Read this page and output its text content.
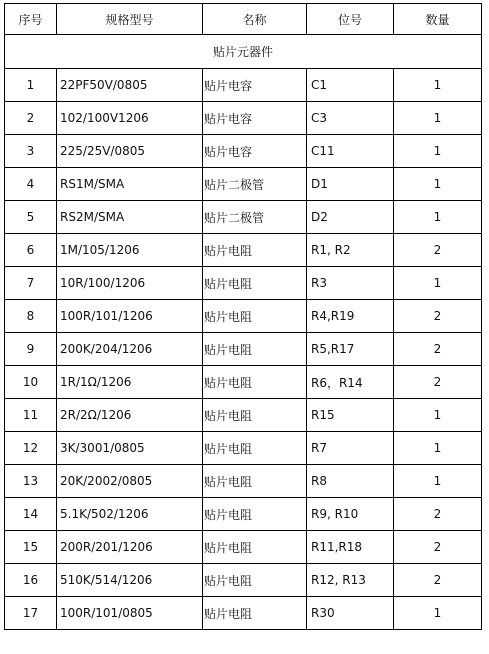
序号	规格型号	名称	位号	数量
贴片元器件				
1	22PF50V/0805	贴片电容	C1	1
2	102/100V1206	贴片电容	C3	1
3	225/25V/0805	贴片电容	C11	1
4	RS1M/SMA	贴片二极管	D1	1
5	RS2M/SMA	贴片二极管	D2	1
6	1M/105/1206	贴片电阻	R1, R2	2
7	10R/100/1206	贴片电阻	R3	1
8	100R/101/1206	贴片电阻	R4,R19	2
9	200K/204/1206	贴片电阻	R5,R17	2
10	1R/1Ω/1206	贴片电阻	R6，R14	2
11	2R/2Ω/1206	贴片电阻	R15	1
12	3K/3001/0805	贴片电阻	R7	1
13	20K/2002/0805	贴片电阻	R8	1
14	5.1K/502/1206	贴片电阻	R9, R10	2
15	200R/201/1206	贴片电阻	R11,R18	2
16	510K/514/1206	贴片电阻	R12, R13	2
17	100R/101/0805	贴片电阻	R30	1
